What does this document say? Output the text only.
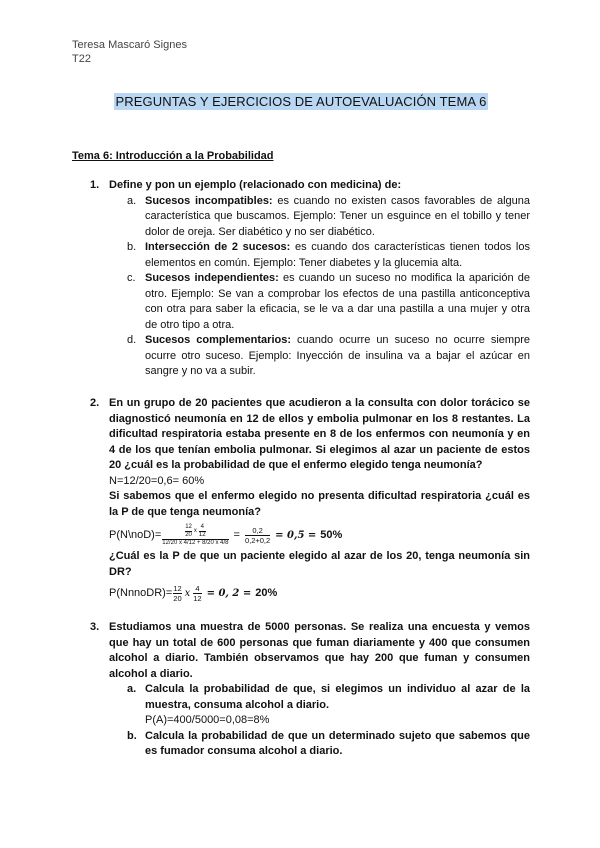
Teresa Mascaró Signes
T22
PREGUNTAS Y EJERCICIOS DE AUTOEVALUACIÓN TEMA 6
Tema 6: Introducción a la Probabilidad
1. Define y pon un ejemplo (relacionado con medicina) de:
a. Sucesos incompatibles: es cuando no existen casos favorables de alguna característica que buscamos. Ejemplo: Tener un esguince en el tobillo y tener dolor de oreja. Ser diabético y no ser diabético.
b. Intersección de 2 sucesos: es cuando dos características tienen todos los elementos en común. Ejemplo: Tener diabetes y la glucemia alta.
c. Sucesos independientes: es cuando un suceso no modifica la aparición de otro. Ejemplo: Se van a comprobar los efectos de una pastilla anticonceptiva con otra para saber la eficacia, se le va a dar una pastilla a una mujer y otra de otro tipo a otra.
d. Sucesos complementarios: cuando ocurre un suceso no ocurre siempre ocurre otro suceso. Ejemplo: Inyección de insulina va a bajar el azúcar en sangre y no va a subir.
2. En un grupo de 20 pacientes que acudieron a la consulta con dolor torácico se diagnosticó neumonía en 12 de ellos y embolia pulmonar en los 8 restantes. La dificultad respiratoria estaba presente en 8 de los enfermos con neumonía y en 4 de los que tenían embolia pulmonar. Si elegimos al azar un paciente de estos 20 ¿cuál es la probabilidad de que el enfermo elegido tenga neumonía?
N=12/20=0,6= 60%
Si sabemos que el enfermo elegido no presenta dificultad respiratoria ¿cuál es la P de que tenga neumonía?
P(N\noD)= $\frac{\frac{12}{20} x \frac{4}{12}}{12/20 x 4/12 + 8/20 x 4/8} = \frac{0,2}{0,2+0,2} = 0,5 = 50\%$
¿Cuál es la P de que un paciente elegido al azar de los 20, tenga neumonía sin DR?
P(NnnoDR)= $\frac{12}{20}$ x $\frac{4}{12} = 0$, 2 = 20%
3. Estudiamos una muestra de 5000 personas. Se realiza una encuesta y vemos que hay un total de 600 personas que fuman diariamente y 400 que consumen alcohol a diario. También observamos que hay 200 que fuman y consumen alcohol a diario.
a. Calcula la probabilidad de que, si elegimos un individuo al azar de la muestra, consuma alcohol a diario.
P(A)=400/5000=0,08=8%
b. Calcula la probabilidad de que un determinado sujeto que sabemos que es fumador consuma alcohol a diario.
